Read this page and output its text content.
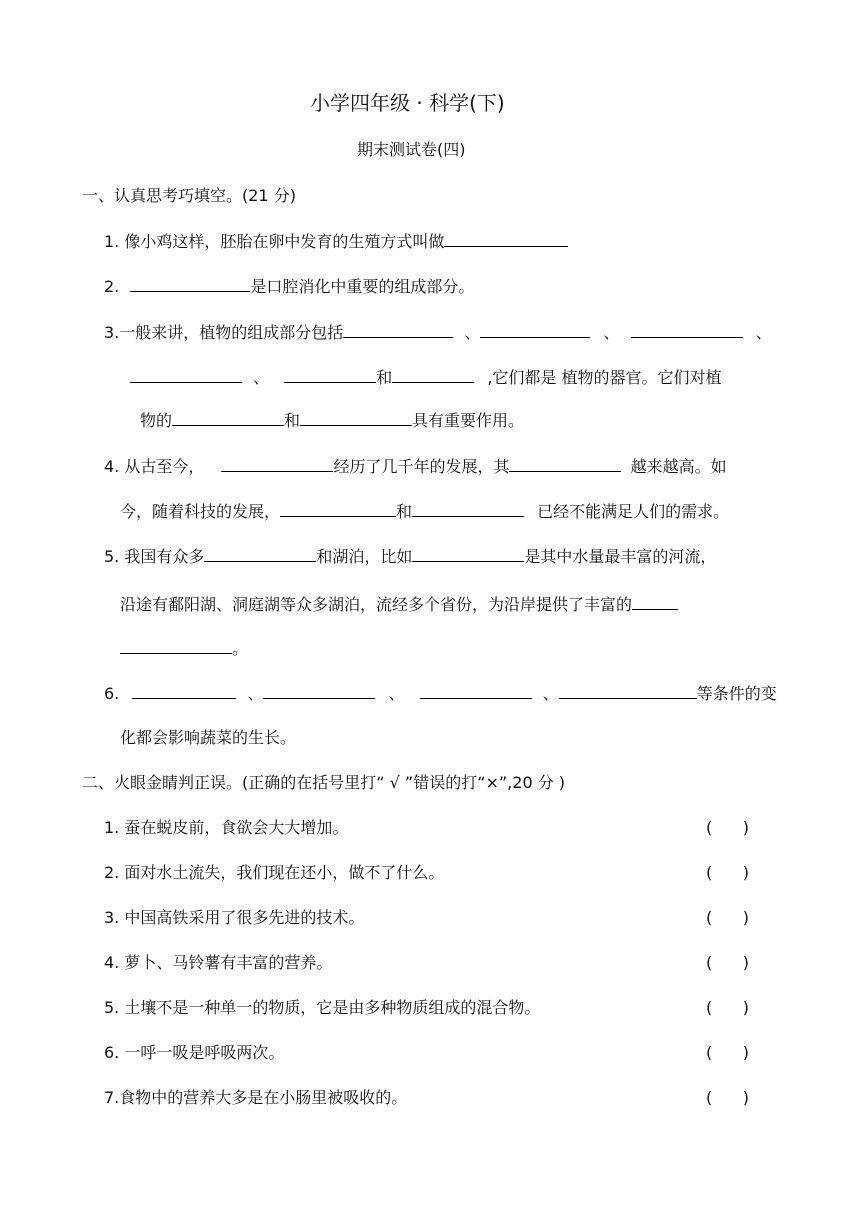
小学四年级 · 科学(下)
期末测试卷(四)
一、认真思考巧填空。(21 分)
1. 像小鸡这样，胚胎在卵中发育的生殖方式叫做
2.	是口腔消化中重要的组成部分。
3.一般来讲，植物的组成部分包括	、	、	、
、	和	,它们都是 植物的器官。它们对植
物的	和	具有重要作用。
4. 从古至今，	经历了几千年的发展，其	越来越高。如
今，随着科技的发展，	和	已经不能满足人们的需求。
5. 我国有众多	和湖泊，比如	是其中水量最丰富的河流，
沿途有鄱阳湖、洞庭湖等众多湖泊，流经多个省份，为沿岸提供了丰富的
。
6.	、	、	、	等条件的变
化都会影响蔬菜的生长。
二、火眼金睛判正误。(正确的在括号里打“ √ ”错误的打“×”,20 分 )
1. 蚕在蜕皮前，食欲会大大增加。	(      )
2. 面对水土流失，我们现在还小，做不了什么。	(      )
3. 中国高铁采用了很多先进的技术。	(      )
4. 萝卜、马铃薯有丰富的营养。	(      )
5. 土壤不是一种单一的物质，它是由多种物质组成的混合物。	(      )
6. 一呼一吸是呼吸两次。	(      )
7.食物中的营养大多是在小肠里被吸收的。	(      )
